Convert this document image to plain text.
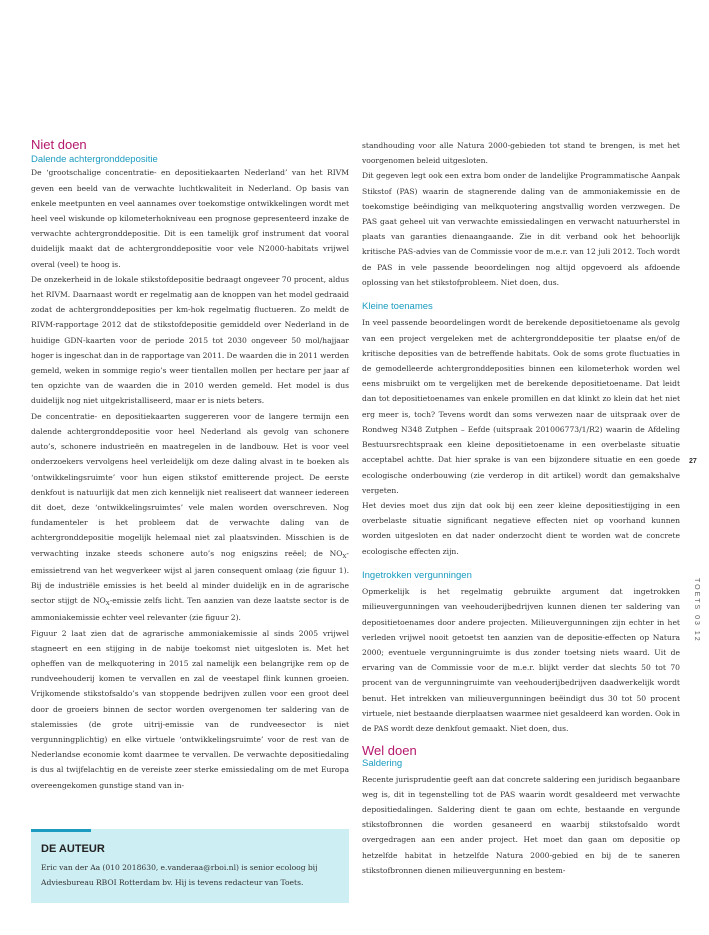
Niet doen
Dalende achtergronddepositie

De ‘grootschalige concentratie- en depositiekaarten Nederland’ van het RIVM geven een beeld van de verwachte luchtkwaliteit in Nederland. Op basis van enkele meetpunten en veel aannames over toekomstige ontwikkelingen wordt met heel veel wiskunde op kilometerhokniveau een prognose gepresenteerd inzake de verwachte achtergronddepositie. Dit is een tamelijk grof instrument dat vooral duidelijk maakt dat de achtergronddepositie voor vele N2000-habitats vrijwel overal (veel) te hoog is.

De onzekerheid in de lokale stikstofdepositie bedraagt ongeveer 70 procent, aldus het RIVM. Daarnaast wordt er regelmatig aan de knoppen van het model gedraaid zodat de achtergronddeposities per km-hok regelmatig fluctueren. Zo meldt de RIVM-rapportage 2012 dat de stikstofdepositie gemiddeld over Nederland in de huidige GDN-kaarten voor de periode 2015 tot 2030 ongeveer 50 mol/hajjaar hoger is ingeschat dan in de rapportage van 2011. De waarden die in 2011 werden gemeld, weken in sommige regio’s weer tientallen mollen per hectare per jaar af ten opzichte van de waarden die in 2010 werden gemeld. Het model is dus duidelijk nog niet uitgekristalliseerd, maar er is niets beters.

De concentratie- en depositiekaarten suggereren voor de langere termijn een dalende achtergronddepositie voor heel Nederland als gevolg van schonere auto’s, schonere industrieën en maatregelen in de landbouw. Het is voor veel onderzoekers vervolgens heel verleidelijk om deze daling alvast in te boeken als ‘ontwikkelingsruimte’ voor hun eigen stikstof emitterende project. De eerste denkfout is natuurlijk dat men zich kennelijk niet realiseert dat wanneer iedereen dit doet, deze ‘ontwikkelingsruimtes’ vele malen worden overschreven. Nog fundamenteler is het probleem dat de verwachte daling van de achtergronddepositie mogelijk helemaal niet zal plaatsvinden. Misschien is de verwachting inzake steeds schonere auto’s nog enigszins reëel; de $NO_X$-emissietrend van het wegverkeer wijst al jaren consequent omlaag (zie figuur 1). Bij de industriële emissies is het beeld al minder duidelijk en in de agrarische sector stijgt de $NO_X$-emissie zelfs licht. Ten aanzien van deze laatste sector is de ammoniakemissie echter veel relevanter (zie figuur 2).

Figuur 2 laat zien dat de agrarische ammoniakemissie al sinds 2005 vrijwel stagneert en een stijging in de nabije toekomst niet uitgesloten is. Met het opheffen van de melkquotering in 2015 zal namelijk een belangrijke rem op de rundveehouderij komen te vervallen en zal de veestapel flink kunnen groeien. Vrijkomende stikstofsaldo’s van stoppende bedrijven zullen voor een groot deel door de groeiers binnen de sector worden overgenomen ter saldering van de stalemissies (de grote uitrij-emissie van de rundveesector is niet vergunningplichtig) en elke virtuele ‘ontwikkelingsruimte’ voor de rest van de Nederlandse economie komt daarmee te vervallen. De verwachte depositiedaling is dus al twijfelachtig en de vereiste zeer sterke emissiedaling om de met Europa overeengekomen gunstige stand van in-

DE AUTEUR

Eric van der Aa (010 2018630, e.vanderaa@rboi.nl) is senior ecoloog bij Adviesbureau RBOI Rotterdam bv. Hij is tevens redacteur van Toets.

standhouding voor alle Natura 2000-gebieden tot stand te brengen, is met het voorgenomen beleid uitgesloten.

Dit gegeven legt ook een extra bom onder de landelijke Programmatische Aanpak Stikstof (PAS) waarin de stagnerende daling van de ammoniakemissie en de toekomstige beëindiging van melkquotering angstvallig worden verzwegen. De PAS gaat geheel uit van verwachte emissiedalingen en verwacht natuurherstel in plaats van garanties dienaangaande. Zie in dit verband ook het behoorlijk kritische PAS-advies van de Commissie voor de m.e.r. van 12 juli 2012. Toch wordt de PAS in vele passende beoordelingen nog altijd opgevoerd als afdoende oplossing van het stikstofprobleem. Niet doen, dus.

Kleine toenames

In veel passende beoordelingen wordt de berekende depositietoename als gevolg van een project vergeleken met de achtergronddepositie ter plaatse en/of de kritische deposities van de betreffende habitats. Ook de soms grote fluctuaties in de gemodelleerde achtergronddeposities binnen een kilometerhok worden wel eens misbruikt om te vergelijken met de berekende depositietoename. Dat leidt dan tot depositietoenames van enkele promillen en dat klinkt zo klein dat het niet erg meer is, toch? Tevens wordt dan soms verwezen naar de uitspraak over de Rondweg N348 Zutphen – Eefde (uitspraak 201006773/1/R2) waarin de Afdeling Bestuursrechtspraak een kleine depositietoename in een overbelaste situatie acceptabel achtte. Dat hier sprake is van een bijzondere situatie en een goede ecologische onderbouwing (zie verderop in dit artikel) wordt dan gemakshalve vergeten.

Het devies moet dus zijn dat ook bij een zeer kleine depositiestijging in een overbelaste situatie significant negatieve effecten niet op voorhand kunnen worden uitgesloten en dat nader onderzocht dient te worden wat de concrete ecologische effecten zijn.

Ingetrokken vergunningen

Opmerkelijk is het regelmatig gebruikte argument dat ingetrokken milieuvergunningen van veehouderijbedrijven kunnen dienen ter saldering van depositietoenames door andere projecten. Milieuvergunningen zijn echter in het verleden vrijwel nooit getoetst ten aanzien van de depositie-effecten op Natura 2000; eventuele vergunningruimte is dus zonder toetsing niets waard. Uit de ervaring van de Commissie voor de m.e.r. blijkt verder dat slechts 50 tot 70 procent van de vergunningruimte van veehouderijbedrijven daadwerkelijk wordt benut. Het intrekken van milieuvergunningen beëindigt dus 30 tot 50 procent virtuele, niet bestaande dierplaatsen waarmee niet gesaldeerd kan worden. Ook in de PAS wordt deze denkfout gemaakt. Niet doen, dus.

Wel doen
Saldering

Recente jurisprudentie geeft aan dat concrete saldering een juridisch begaanbare weg is, dit in tegenstelling tot de PAS waarin wordt gesaldeerd met verwachte depositiedalingen. Saldering dient te gaan om echte, bestaande en vergunde stikstofbronnen die worden gesaneerd en waarbij stikstofsaldo wordt overgedragen aan een ander project. Het moet dan gaan om depositie op hetzelfde habitat in hetzelfde Natura 2000-gebied en bij de te saneren stikstofbronnen dienen milieuvergunning en bestem-

27
TOETS 03 12
